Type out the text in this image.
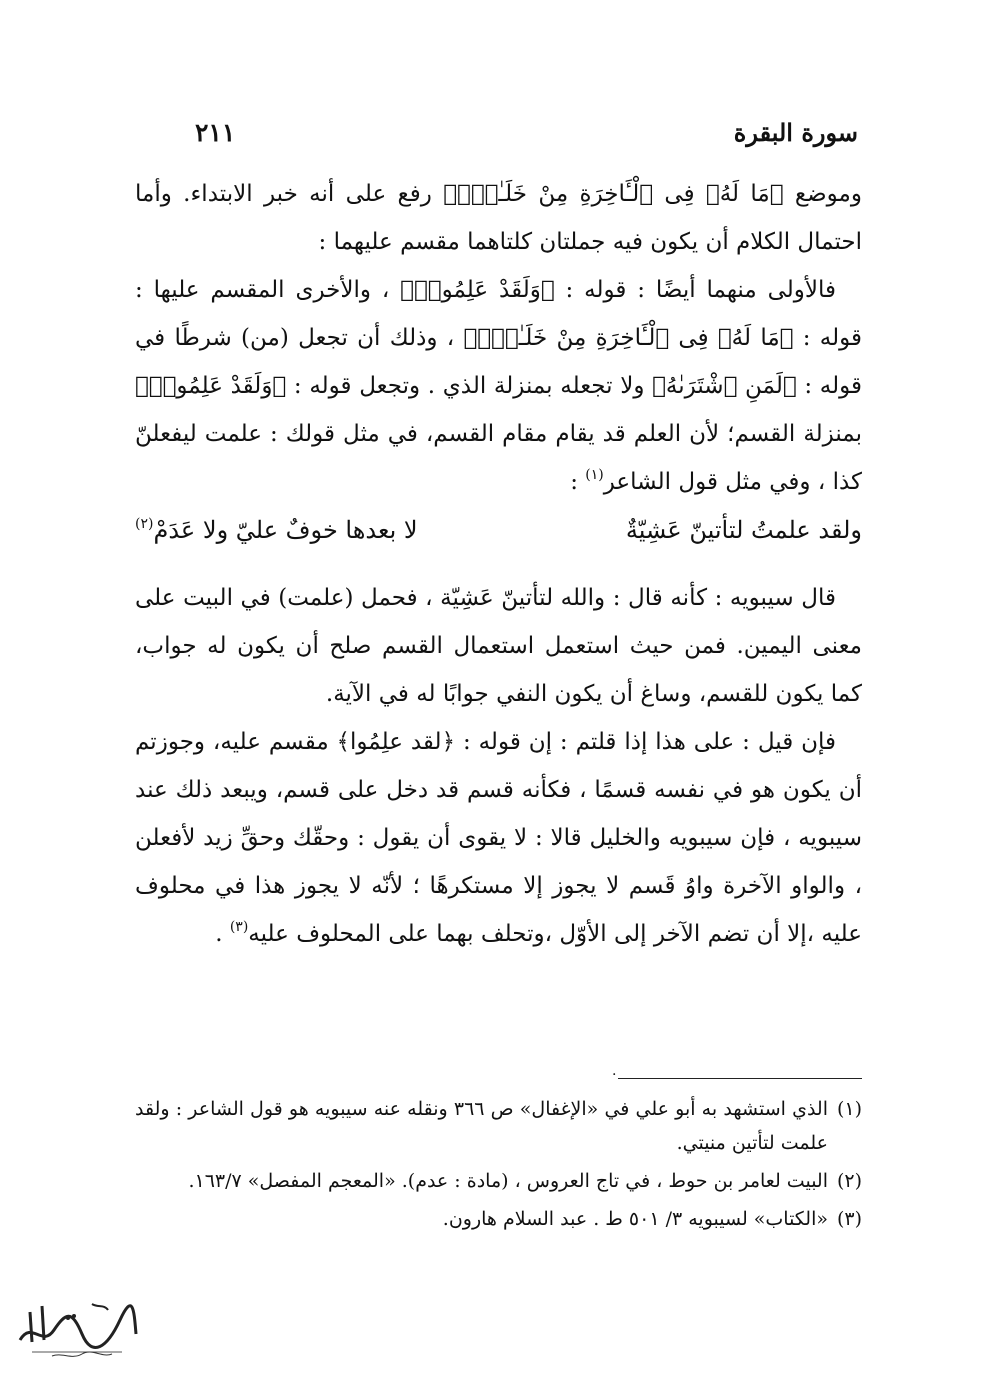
سورة البقرة
٢١١

وموضع ﴿مَا لَهُۥ فِى ٱلْـَٔاخِرَةِ مِنْ خَلَـٰقٍۚ﴾ رفع على أنه خبر الابتداء. وأما احتمال الكلام أن يكون فيه جملتان كلتاهما مقسم عليهما :

فالأولى منهما أيضًا : قوله : ﴿وَلَقَدْ عَلِمُوا۟﴾ ، والأخرى المقسم عليها : قوله : ﴿مَا لَهُۥ فِى ٱلْـَٔاخِرَةِ مِنْ خَلَـٰقٍۚ﴾ ، وذلك أن تجعل (من) شرطًا في قوله : ﴿لَمَنِ ٱشْتَرَىٰهُ﴾ ولا تجعله بمنزلة الذي . وتجعل قوله : ﴿وَلَقَدْ عَلِمُوا۟﴾ بمنزلة القسم؛ لأن العلم قد يقام مقام القسم، في مثل قولك : علمت ليفعلنّ كذا ، وفي مثل قول الشاعر$^{(١)}$ :

ولقد علمتُ لتأتينّ عَشِيّةٌ
لا بعدها خوفٌ عليّ ولا عَدَمْ$^{(٢)}$

قال سيبويه : كأنه قال : والله لتأتينّ عَشِيّة ، فحمل (علمت) في البيت على معنى اليمين. فمن حيث استعمل استعمال القسم صلح أن يكون له جواب، كما يكون للقسم، وساغ أن يكون النفي جوابًا له في الآية.

فإن قيل : على هذا إذا قلتم : إن قوله : ﴿لقد علِمُوا﴾ مقسم عليه، وجوزتم أن يكون هو في نفسه قسمًا ، فكأنه قسم قد دخل على قسم، ويبعد ذلك عند سيبويه ، فإن سيبويه والخليل قالا : لا يقوى أن يقول : وحقّك وحقِّ زيد لأفعلن ، والواو الآخرة واوُ قَسم لا يجوز إلا مستكرهًا ؛ لأنّه لا يجوز هذا في محلوف عليه ،إلا أن تضم الآخر إلى الأوّل ،وتحلف بهما على المحلوف عليه$^{(٣)}$ .

.
(١)
الذي استشهد به أبو علي في «الإغفال» ص ٣٦٦ ونقله عنه سيبويه هو قول الشاعر : ولقد علمت لتأتين منيتي.
(٢)
البيت لعامر بن حوط ، في تاج العروس ، (مادة : عدم). «المعجم المفصل» ١٦٣/٧.
(٣)
«الكتاب» لسيبويه ٣/ ٥٠١ ط . عبد السلام هارون.
